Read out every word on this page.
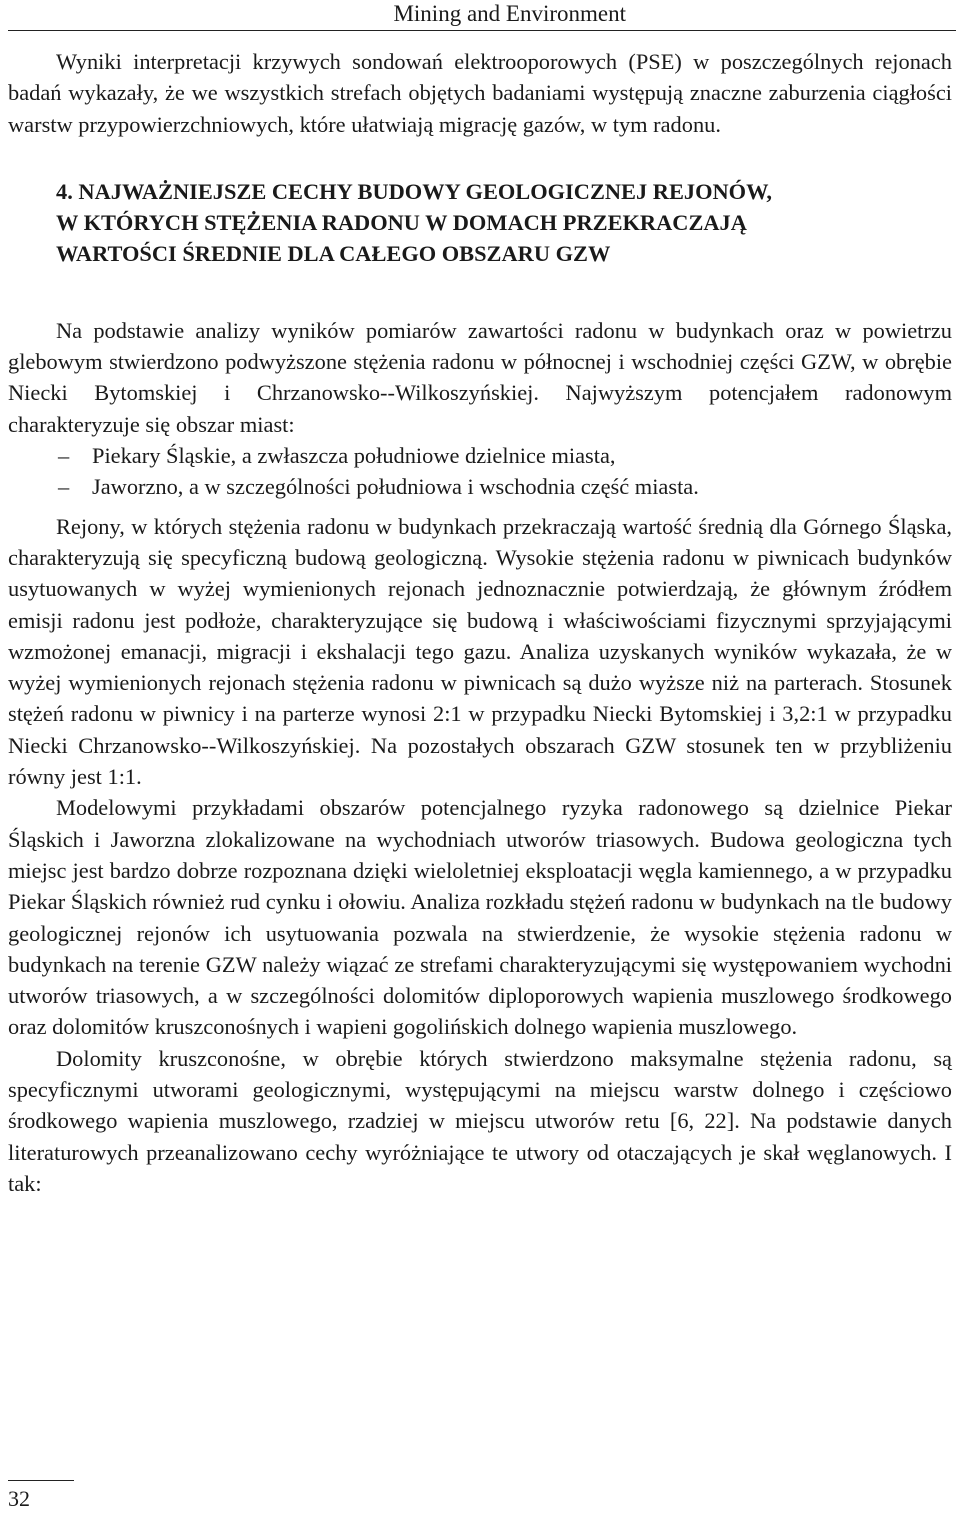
Mining and Environment

Wyniki interpretacji krzywych sondowań elektrooporowych (PSE) w poszczególnych rejonach badań wykazały, że we wszystkich strefach objętych badaniami występują znaczne zaburzenia ciągłości warstw przypowierzchniowych, które ułatwiają migrację gazów, w tym radonu.

4. NAJWAŻNIEJSZE CECHY BUDOWY GEOLOGICZNEJ REJONÓW,
W KTÓRYCH STĘŻENIA RADONU W DOMACH PRZEKRACZAJĄ
WARTOŚCI ŚREDNIE DLA CAŁEGO OBSZARU GZW

Na podstawie analizy wyników pomiarów zawartości radonu w budynkach oraz w powietrzu glebowym stwierdzono podwyższone stężenia radonu w północnej i wschodniej części GZW, w obrębie Niecki Bytomskiej i Chrzanowsko--Wilkoszyńskiej. Najwyższym potencjałem radonowym charakteryzuje się obszar miast:

– Piekary Śląskie, a zwłaszcza południowe dzielnice miasta,
– Jaworzno, a w szczególności południowa i wschodnia część miasta.

Rejony, w których stężenia radonu w budynkach przekraczają wartość średnią dla Górnego Śląska, charakteryzują się specyficzną budową geologiczną. Wysokie stężenia radonu w piwnicach budynków usytuowanych w wyżej wymienionych rejonach jednoznacznie potwierdzają, że głównym źródłem emisji radonu jest podłoże, charakteryzujące się budową i właściwościami fizycznymi sprzyjającymi wzmożonej emanacji, migracji i ekshalacji tego gazu. Analiza uzyskanych wyników wykazała, że w wyżej wymienionych rejonach stężenia radonu w piwnicach są dużo wyższe niż na parterach. Stosunek stężeń radonu w piwnicy i na parterze wynosi 2:1 w przypadku Niecki Bytomskiej i 3,2:1 w przypadku Niecki Chrzanowsko--Wilkoszyńskiej. Na pozostałych obszarach GZW stosunek ten w przybliżeniu równy jest 1:1.

Modelowymi przykładami obszarów potencjalnego ryzyka radonowego są dzielnice Piekar Śląskich i Jaworzna zlokalizowane na wychodniach utworów triasowych. Budowa geologiczna tych miejsc jest bardzo dobrze rozpoznana dzięki wieloletniej eksploatacji węgla kamiennego, a w przypadku Piekar Śląskich również rud cynku i ołowiu. Analiza rozkładu stężeń radonu w budynkach na tle budowy geologicznej rejonów ich usytuowania pozwala na stwierdzenie, że wysokie stężenia radonu w budynkach na terenie GZW należy wiązać ze strefami charakteryzującymi się występowaniem wychodni utworów triasowych, a w szczególności dolomitów diploporowych wapienia muszlowego środkowego oraz dolomitów kruszconośnych i wapieni gogolińskich dolnego wapienia muszlowego.

Dolomity kruszconośne, w obrębie których stwierdzono maksymalne stężenia radonu, są specyficznymi utworami geologicznymi, występującymi na miejscu warstw dolnego i częściowo środkowego wapienia muszlowego, rzadziej w miejscu utworów retu [6, 22]. Na podstawie danych literaturowych przeanalizowano cechy wyróżniające te utwory od otaczających je skał węglanowych. I tak:

32
